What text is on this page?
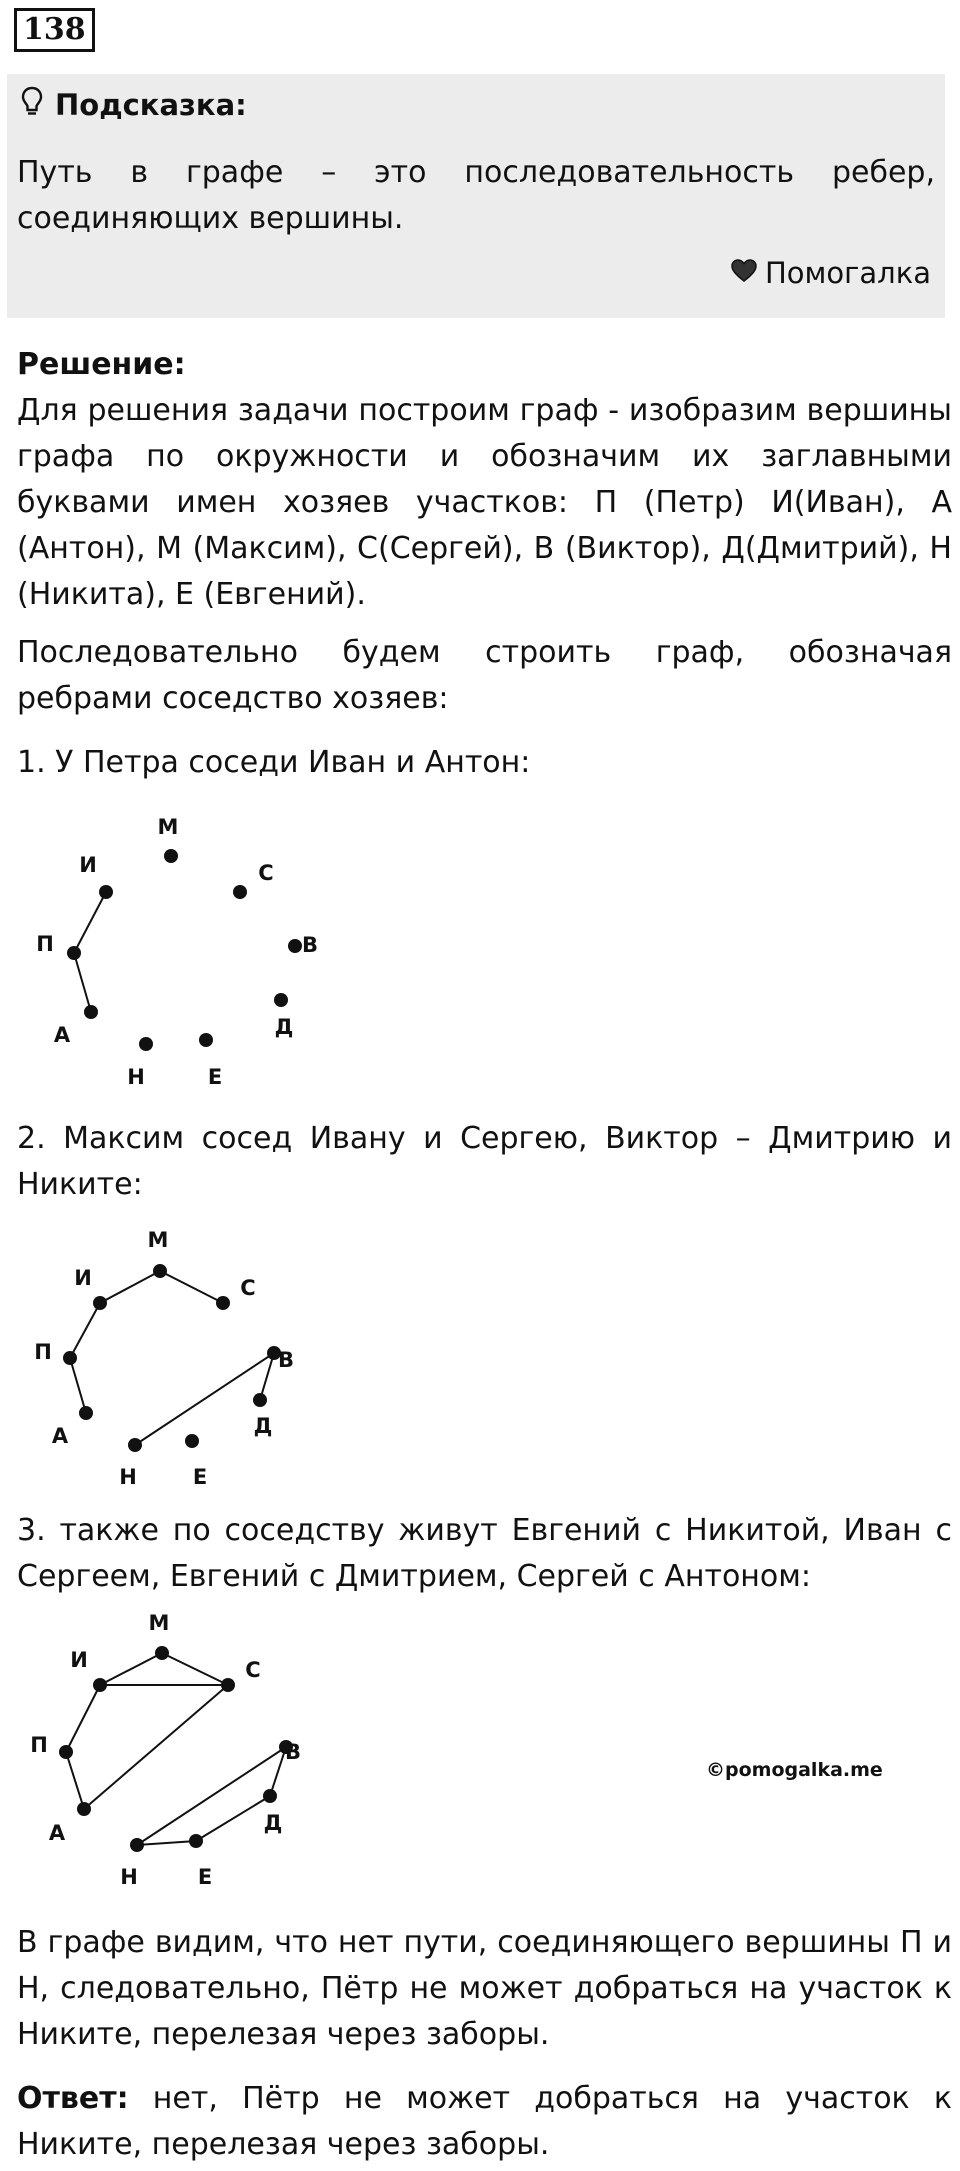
138
Подсказка:
Путь в графе – это последовательность ребер, соединяющих вершины.
Помогалка

Решение:

Для решения задачи построим граф - изобразим вершины графа по окружности и обозначим их заглавными буквами имен хозяев участков: П (Петр) И(Иван), А (Антон), М (Максим), С(Сергей), В (Виктор), Д(Дмитрий), Н (Никита), Е (Евгений).

Последовательно будем строить граф, обозначая ребрами соседство хозяев:

1. У Петра соседи Иван и Антон:

М
И	С
П	В
Д
А
Н	Е

2. Максим сосед Ивану и Сергею, Виктор – Дмитрию и Никите:

М
И	С
П	В
Д
А
Н	Е

3. также по соседству живут Евгений с Никитой, Иван с Сергеем, Евгений с Дмитрием, Сергей с Антоном:

М
И	С
П	В
Д
А
Н	Е
©pomogalka.me

В графе видим, что нет пути, соединяющего вершины П и Н, следовательно, Пётр не может добраться на участок к Никите, перелезая через заборы.

Ответ: нет, Пётр не может добраться на участок к Никите, перелезая через заборы.
